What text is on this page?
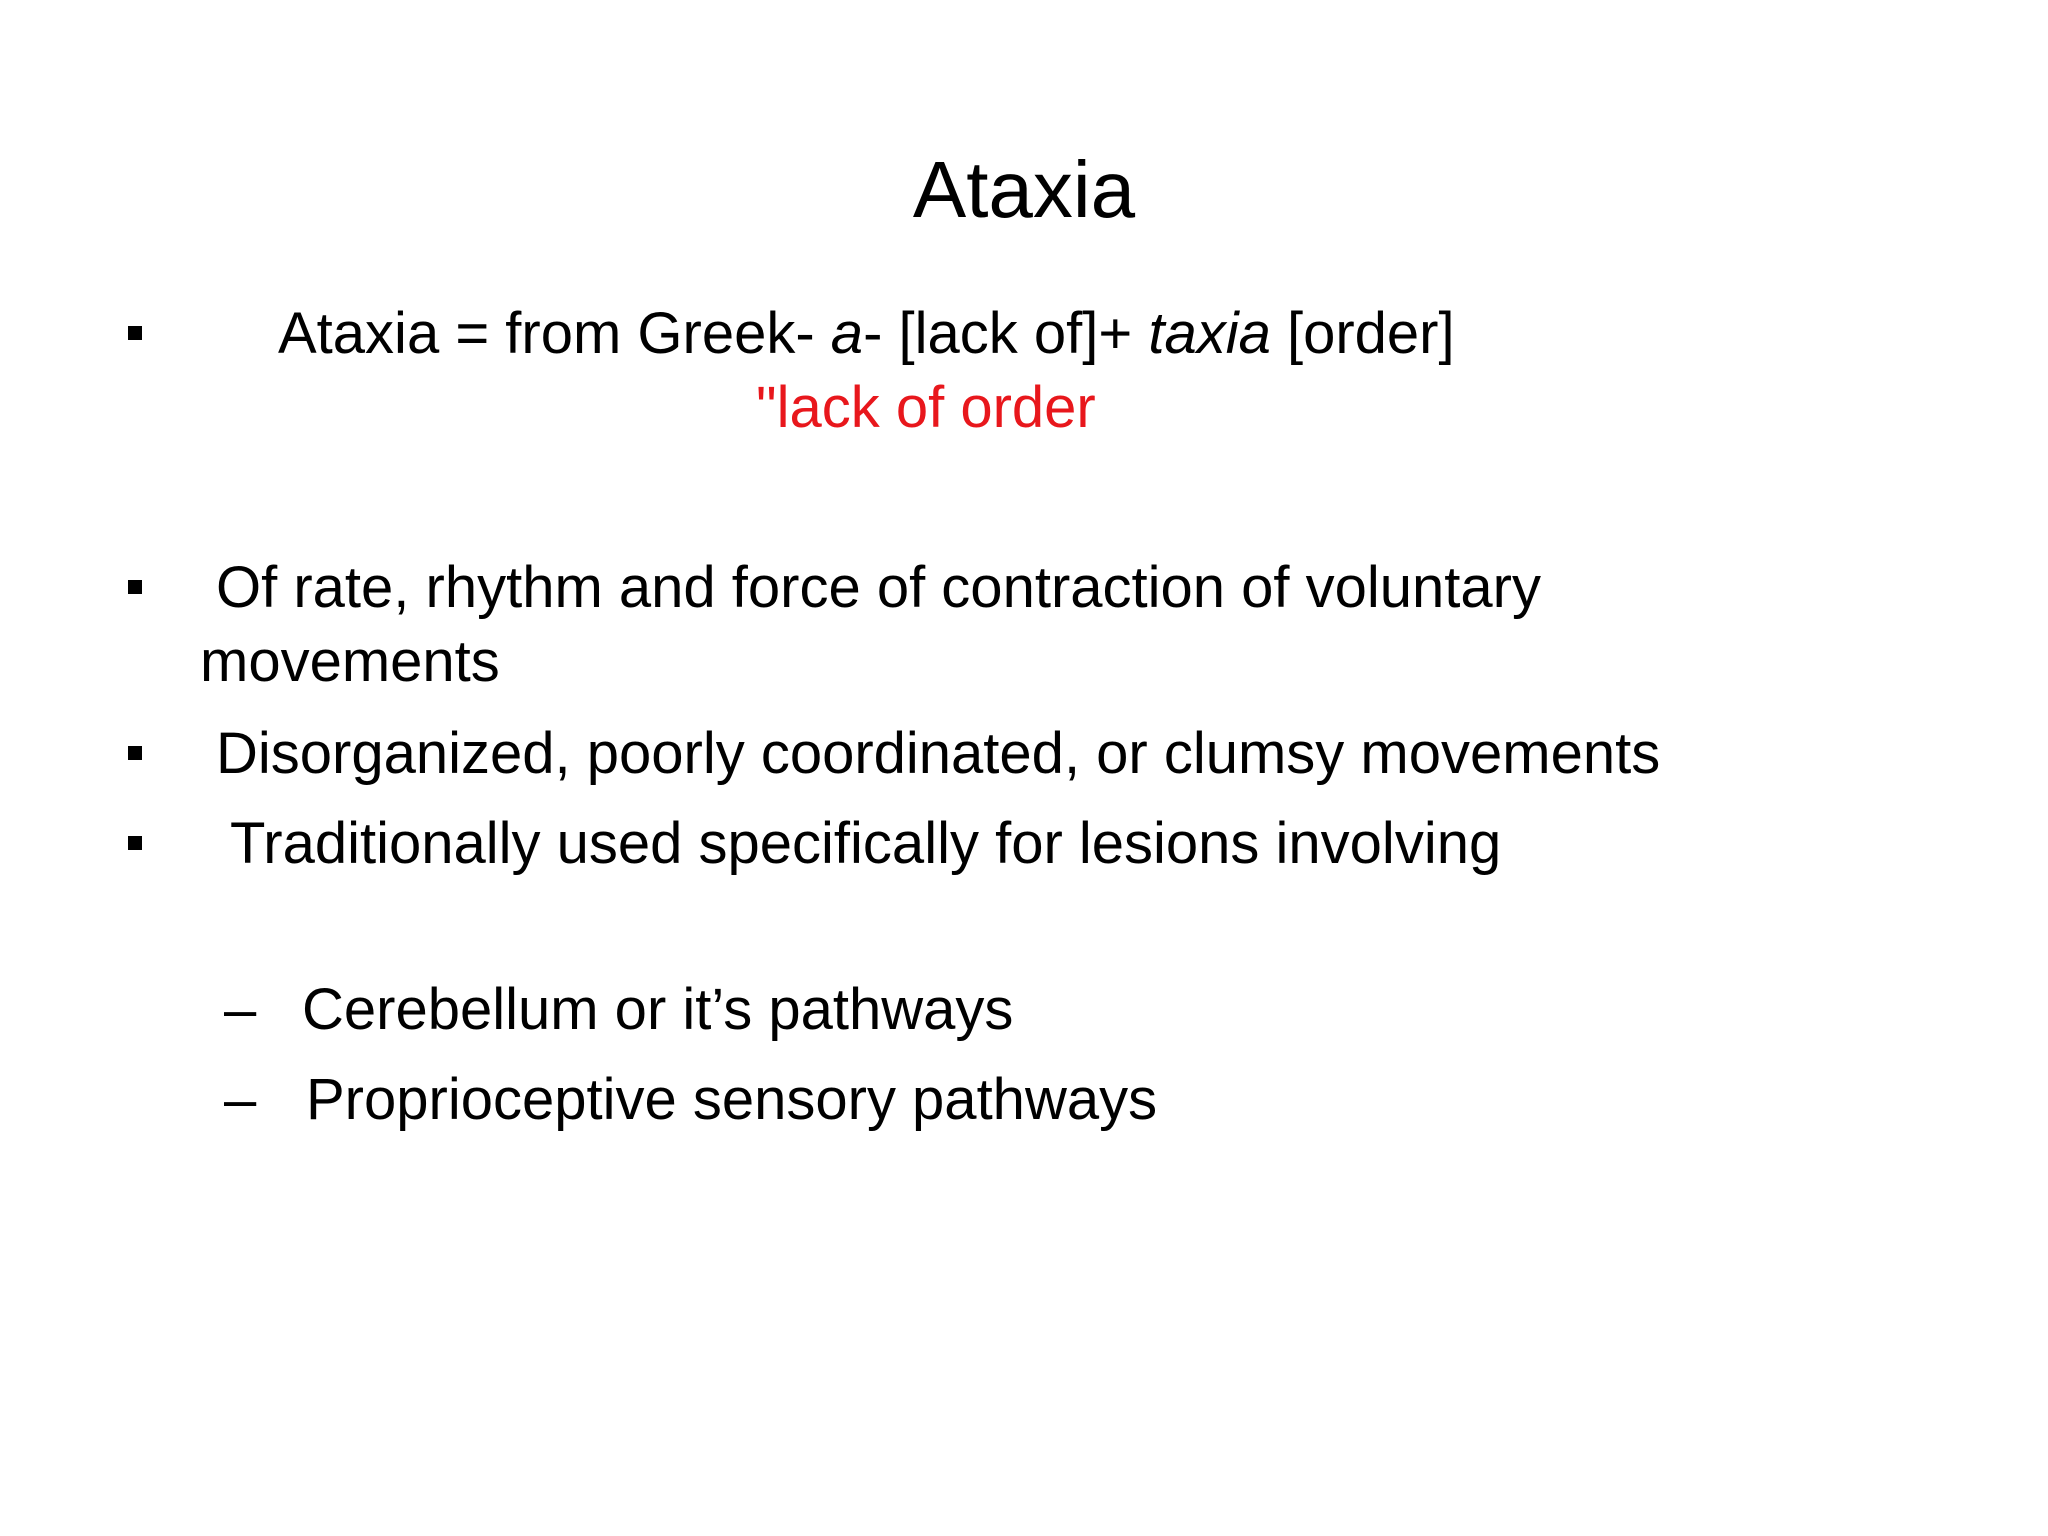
Ataxia
Ataxia = from Greek- a- [lack of]+ taxia [order]
"lack of order
Of rate, rhythm and force of contraction of voluntary
movements
Disorganized, poorly coordinated, or clumsy movements
Traditionally used specifically for lesions involving
– Cerebellum or it’s pathways
– Proprioceptive sensory pathways
